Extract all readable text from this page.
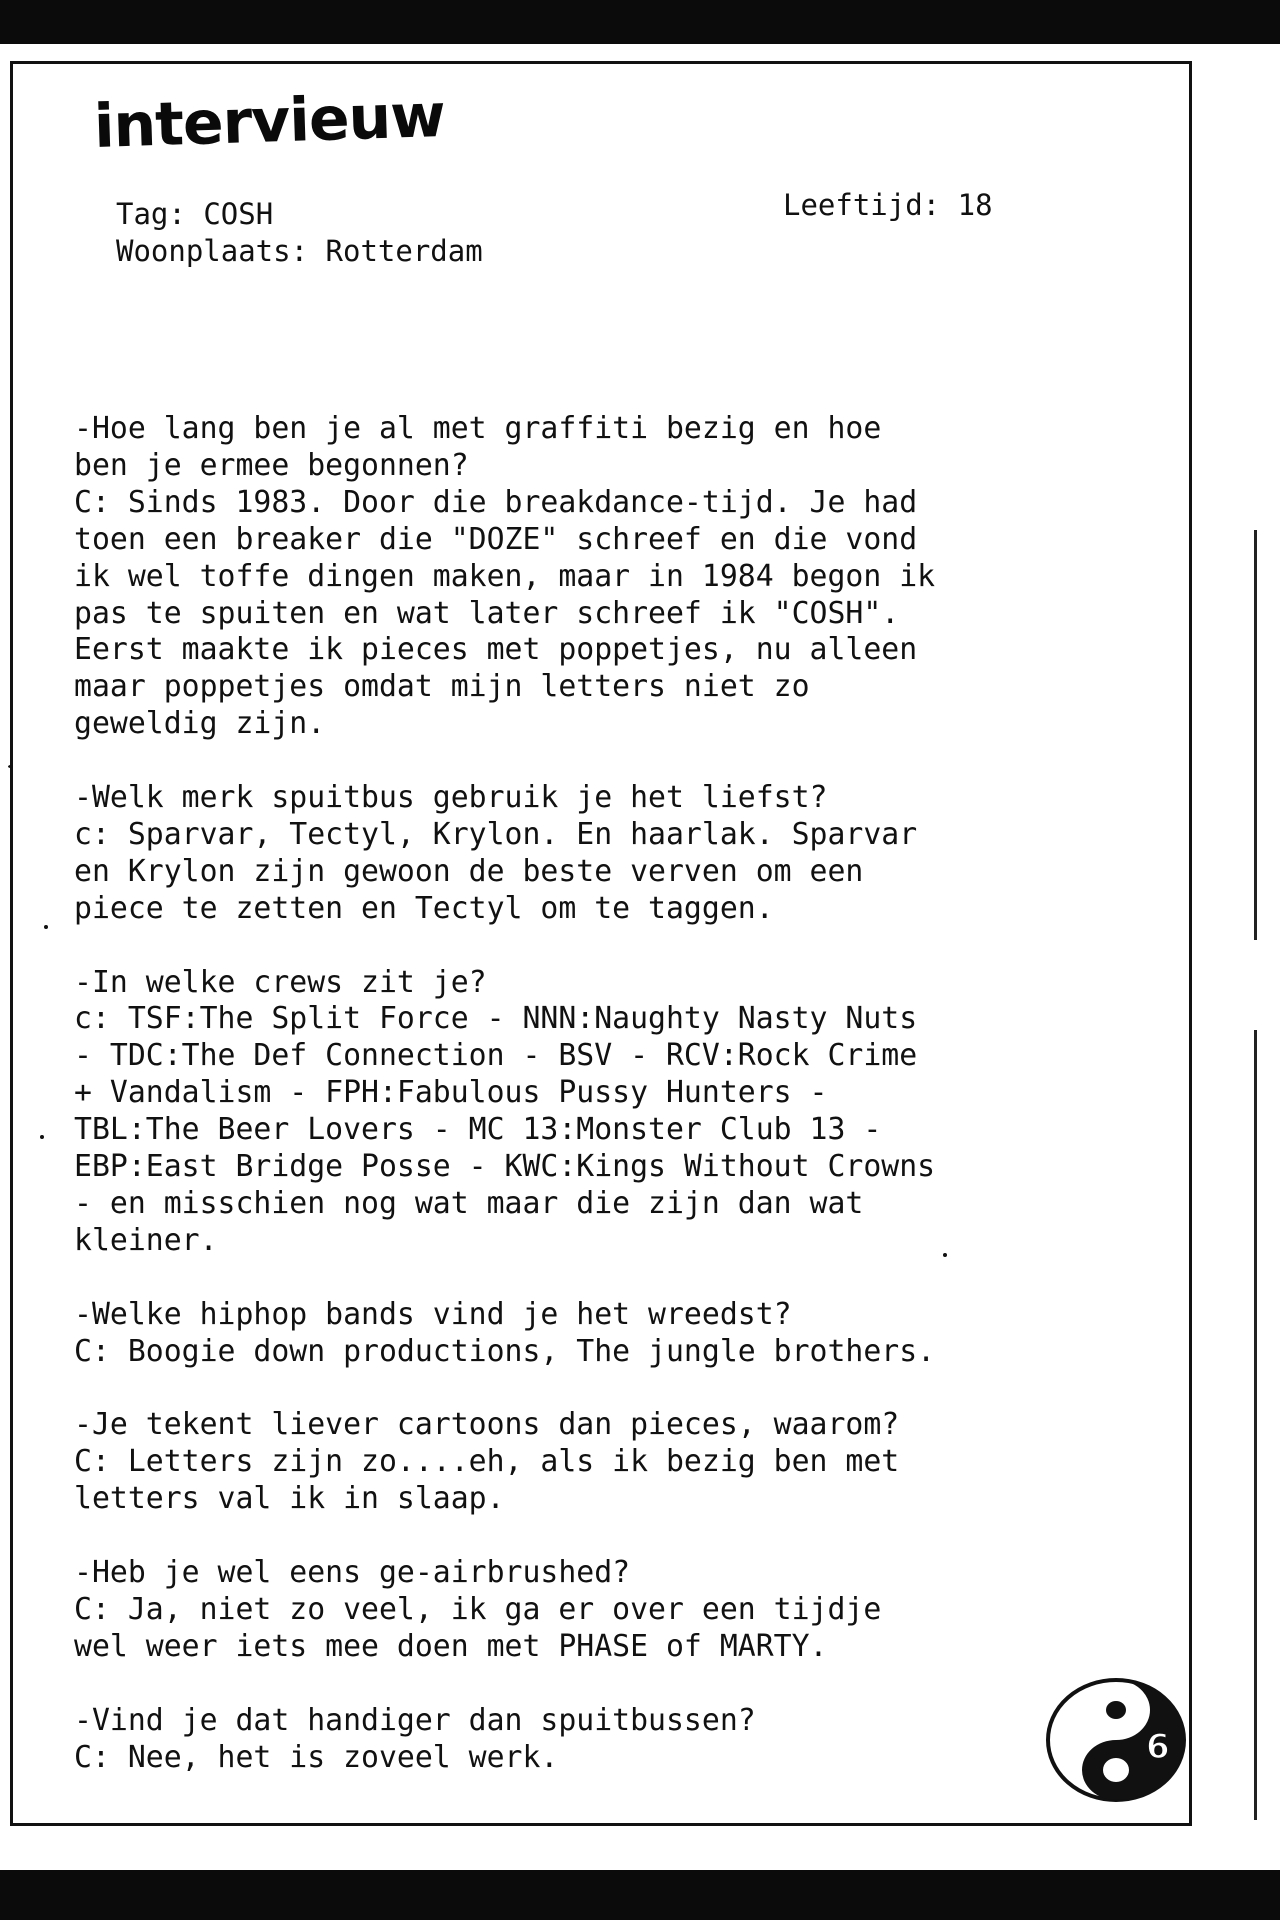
intervieuw
Tag: COSH
Woonplaats: Rotterdam
Leeftijd: 18

-Hoe lang ben je al met graffiti bezig en hoe

ben je ermee begonnen?

C: Sinds 1983. Door die breakdance-tijd. Je had

toen een breaker die "DOZE" schreef en die vond

ik wel toffe dingen maken, maar in 1984 begon ik

pas te spuiten en wat later schreef ik "COSH".

Eerst maakte ik pieces met poppetjes, nu alleen

maar poppetjes omdat mijn letters niet zo

geweldig zijn.

-Welk merk spuitbus gebruik je het liefst?

c: Sparvar, Tectyl, Krylon. En haarlak. Sparvar

en Krylon zijn gewoon de beste verven om een

piece te zetten en Tectyl om te taggen.

-In welke crews zit je?

c: TSF:The Split Force - NNN:Naughty Nasty Nuts

- TDC:The Def Connection - BSV - RCV:Rock Crime

+ Vandalism - FPH:Fabulous Pussy Hunters -

TBL:The Beer Lovers - MC 13:Monster Club 13 -

EBP:East Bridge Posse - KWC:Kings Without Crowns

- en misschien nog wat maar die zijn dan wat

kleiner.

-Welke hiphop bands vind je het wreedst?

C: Boogie down productions, The jungle brothers.

-Je tekent liever cartoons dan pieces, waarom?

C: Letters zijn zo....eh, als ik bezig ben met

letters val ik in slaap.

-Heb je wel eens ge-airbrushed?

C: Ja, niet zo veel, ik ga er over een tijdje

wel weer iets mee doen met PHASE of MARTY.

-Vind je dat handiger dan spuitbussen?

C: Nee, het is zoveel werk.	6
